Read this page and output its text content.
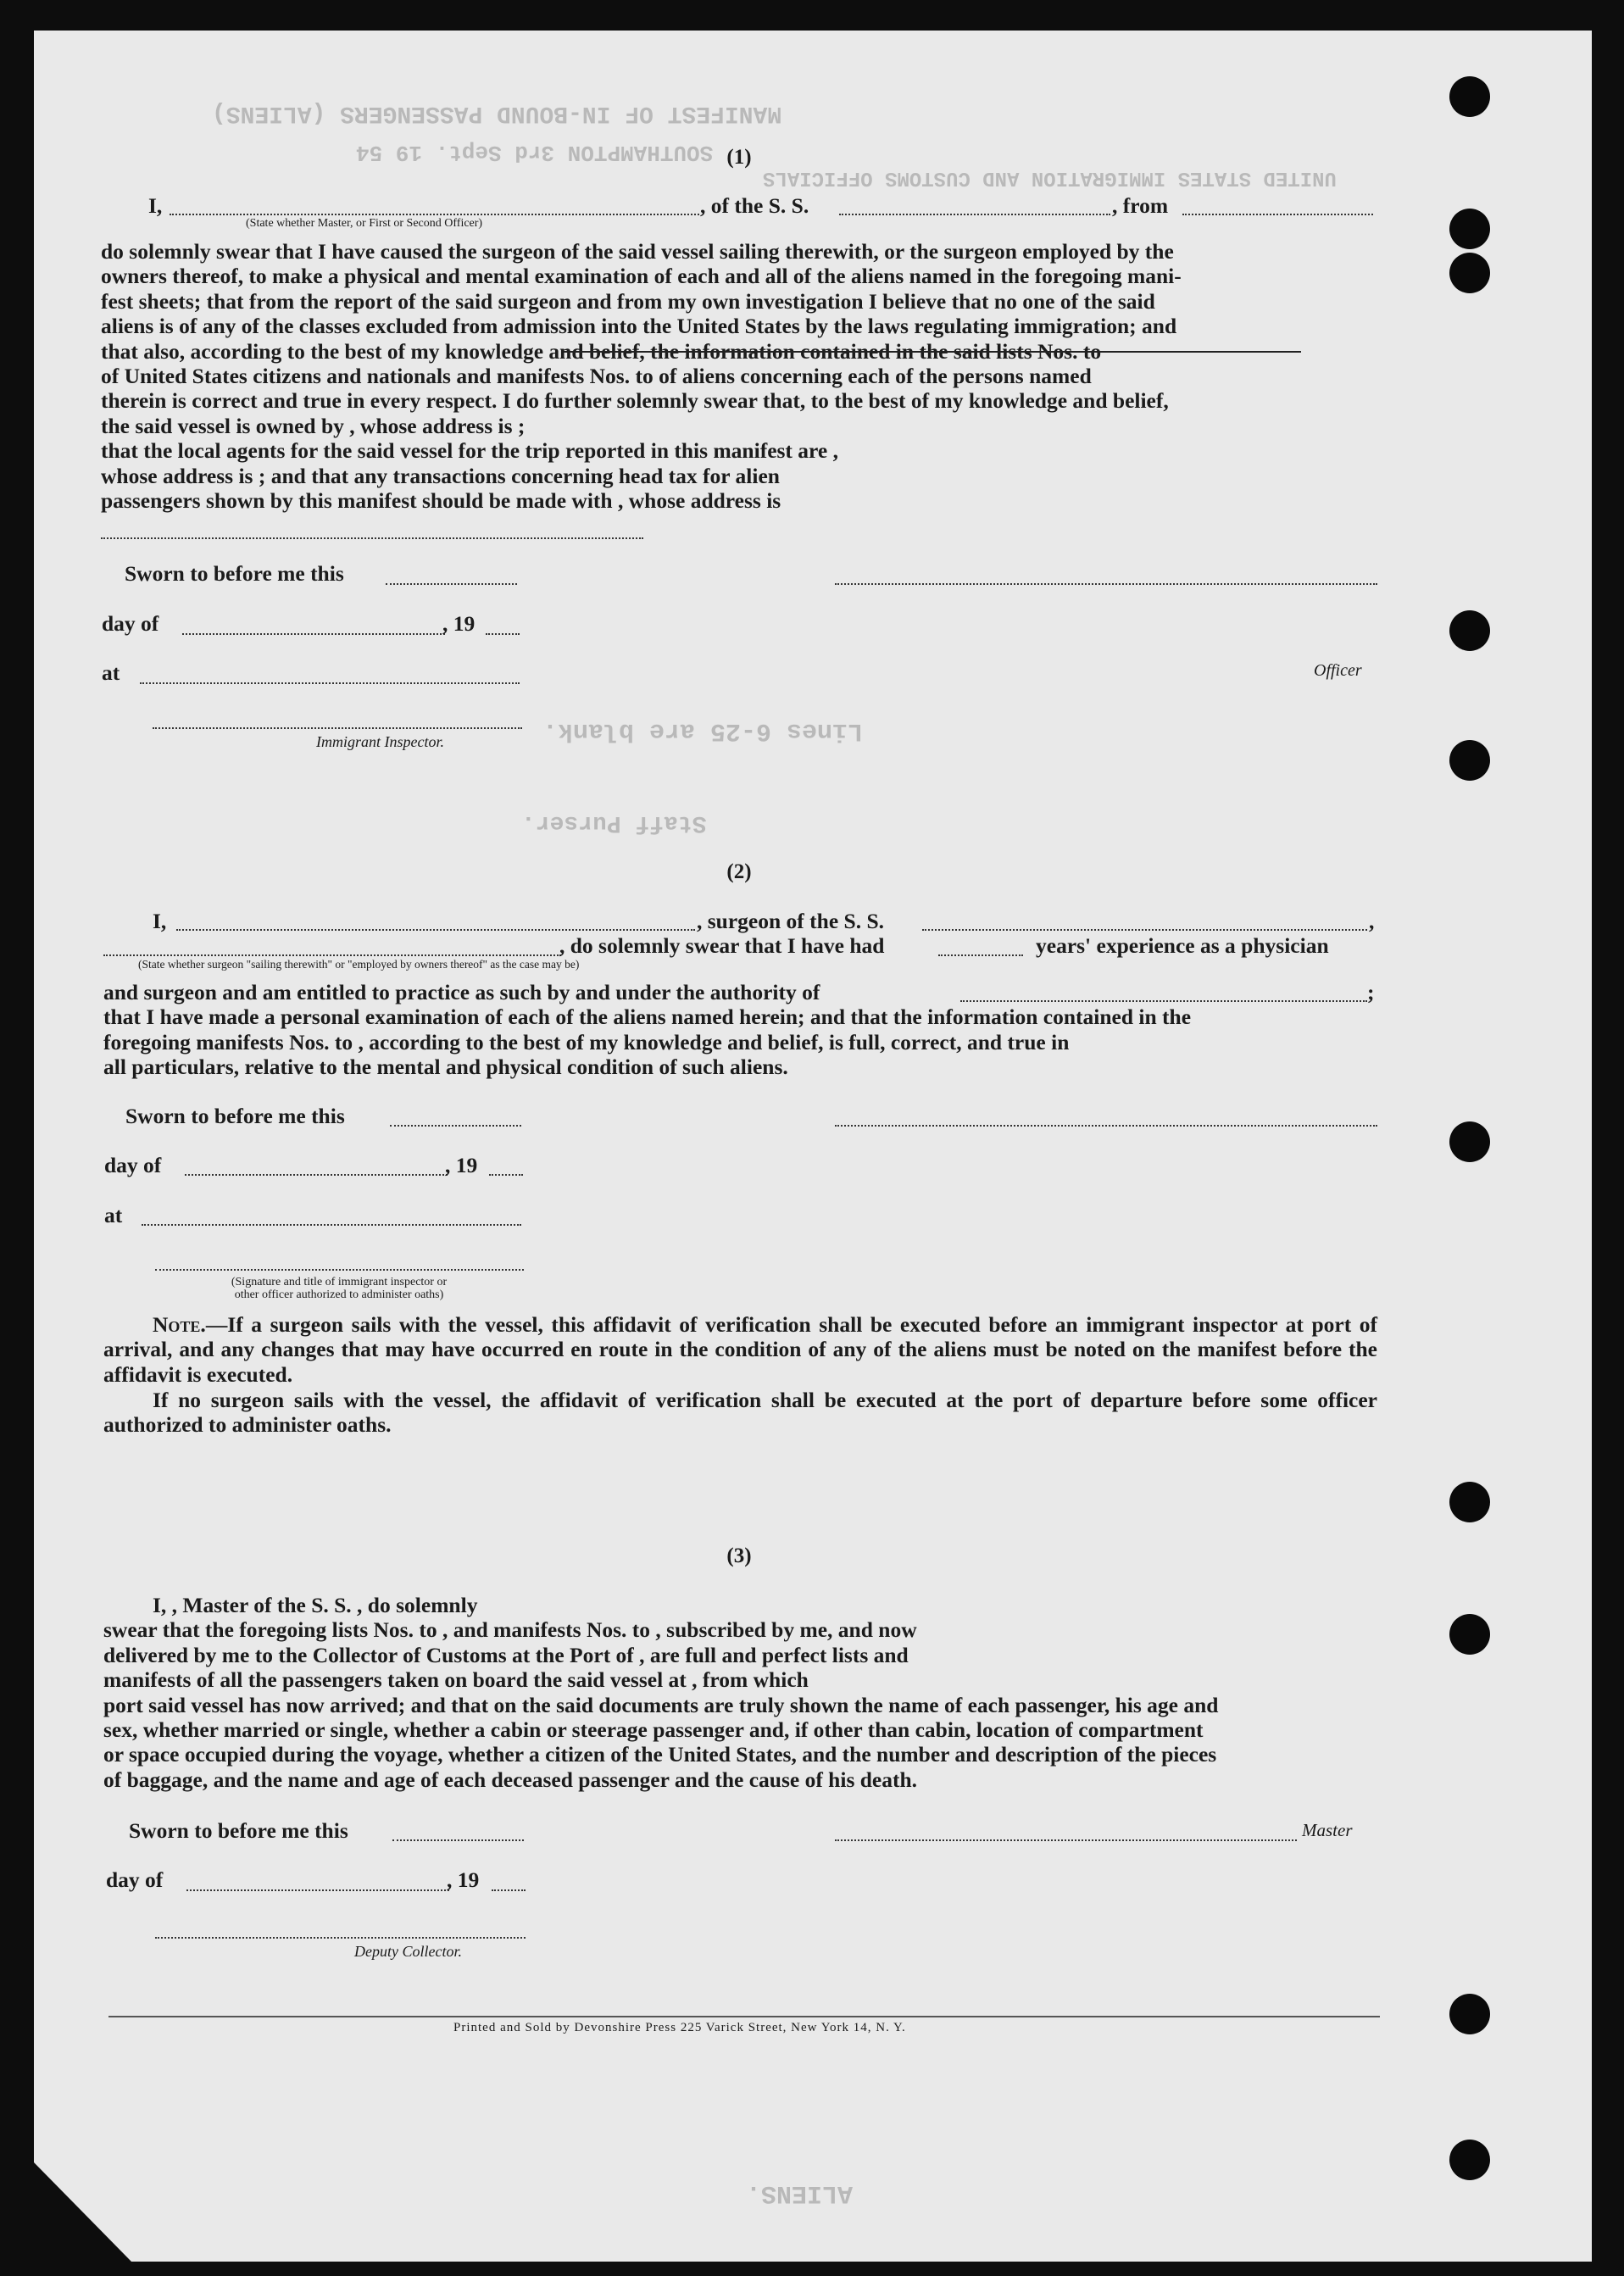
MANIFEST OF IN-BOUND PASSENGERS (ALIENS)
SOUTHAMPTON 3rd Sept. 19 54
UNITED STATES IMMIGRATION AND CUSTOMS OFFICIALS
Lines 6-25 are blank.
Staff Purser.
ALIENS.
(1)
I,	, of the S. S.	, from
(State whether Master, or First or Second Officer)
do solemnly swear that I have caused the surgeon of the said vessel sailing therewith, or the surgeon employed by the
owners thereof, to make a physical and mental examination of each and all of the aliens named in the foregoing mani-
fest sheets; that from the report of the said surgeon and from my own investigation I believe that no one of the said
aliens is of any of the classes excluded from admission into the United States by the laws regulating immigration; and
that also, according to the best of my knowledge and belief, the information contained in the said lists Nos. to
of United States citizens and nationals and manifests Nos. to of aliens concerning each of the persons named
therein is correct and true in every respect. I do further solemnly swear that, to the best of my knowledge and belief,
the said vessel is owned by , whose address is ;
that the local agents for the said vessel for the trip reported in this manifest are ,
whose address is ; and that any transactions concerning head tax for alien
passengers shown by this manifest should be made with , whose address is
Sworn to before me this
day of	, 19
at	Officer
Immigrant Inspector.
(2)
I,	, surgeon of the S. S.	,
, do solemnly swear that I have had	years' experience as a physician
(State whether surgeon "sailing therewith" or "employed by owners thereof" as the case may be)
and surgeon and am entitled to practice as such by and under the authority of
that I have made a personal examination of each of the aliens named herein; and that the information contained in the
foregoing manifests Nos. to , according to the best of my knowledge and belief, is full, correct, and true in
all particulars, relative to the mental and physical condition of such aliens.
;
Sworn to before me this
day of	, 19
at
(Signature and title of immigrant inspector or
other officer authorized to administer oaths)
Note.—If a surgeon sails with the vessel, this affidavit of verification shall be executed before an immigrant inspector at port of arrival, and any changes that may have occurred en route in the condition of any of the aliens must be noted on the manifest before the affidavit is executed.
If no surgeon sails with the vessel, the affidavit of verification shall be executed at the port of departure before some officer authorized to administer oaths.
(3)
I, , Master of the S. S. , do solemnly
swear that the foregoing lists Nos. to , and manifests Nos. to , subscribed by me, and now
delivered by me to the Collector of Customs at the Port of , are full and perfect lists and
manifests of all the passengers taken on board the said vessel at , from which
port said vessel has now arrived; and that on the said documents are truly shown the name of each passenger, his age and
sex, whether married or single, whether a cabin or steerage passenger and, if other than cabin, location of compartment
or space occupied during the voyage, whether a citizen of the United States, and the number and description of the pieces
of baggage, and the name and age of each deceased passenger and the cause of his death.
Sworn to before me this	Master
day of	, 19
Deputy Collector.
Printed and Sold by Devonshire Press 225 Varick Street, New York 14, N. Y.
